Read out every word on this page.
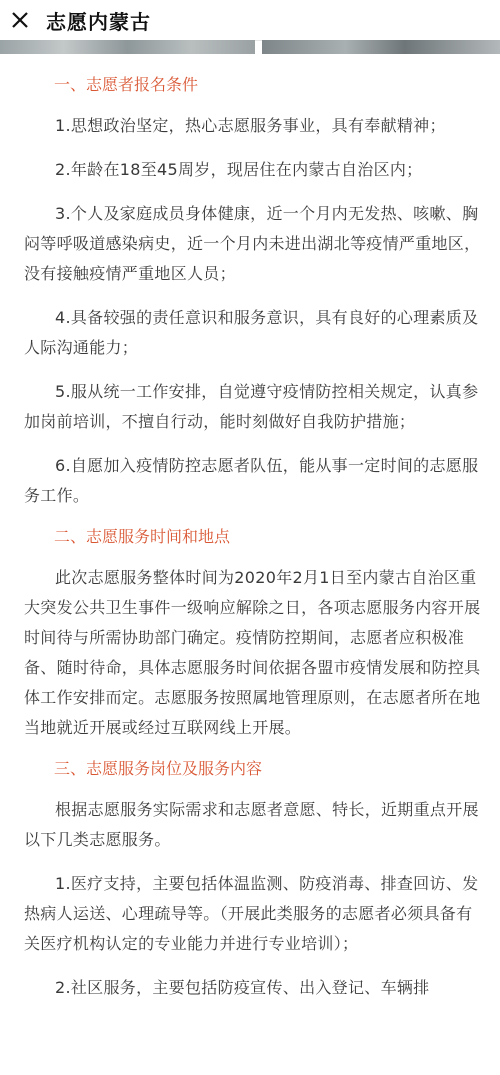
志愿内蒙古

一、志愿者报名条件

1.思想政治坚定，热心志愿服务事业，具有奉献精神；

2.年龄在18至45周岁，现居住在内蒙古自治区内；

3.个人及家庭成员身体健康，近一个月内无发热、咳嗽、胸闷等呼吸道感染病史，近一个月内未进出湖北等疫情严重地区，没有接触疫情严重地区人员；

4.具备较强的责任意识和服务意识，具有良好的心理素质及人际沟通能力；

5.服从统一工作安排，自觉遵守疫情防控相关规定，认真参加岗前培训，不擅自行动，能时刻做好自我防护措施；

6.自愿加入疫情防控志愿者队伍，能从事一定时间的志愿服务工作。

二、志愿服务时间和地点

此次志愿服务整体时间为2020年2月1日至内蒙古自治区重大突发公共卫生事件一级响应解除之日，各项志愿服务内容开展时间待与所需协助部门确定。疫情防控期间，志愿者应积极准备、随时待命，具体志愿服务时间依据各盟市疫情发展和防控具体工作安排而定。志愿服务按照属地管理原则，在志愿者所在地当地就近开展或经过互联网线上开展。

三、志愿服务岗位及服务内容

根据志愿服务实际需求和志愿者意愿、特长，近期重点开展以下几类志愿服务。

1.医疗支持，主要包括体温监测、防疫消毒、排查回访、发热病人运送、心理疏导等。（开展此类服务的志愿者必须具备有关医疗机构认定的专业能力并进行专业培训）；

2.社区服务，主要包括防疫宣传、出入登记、车辆排
